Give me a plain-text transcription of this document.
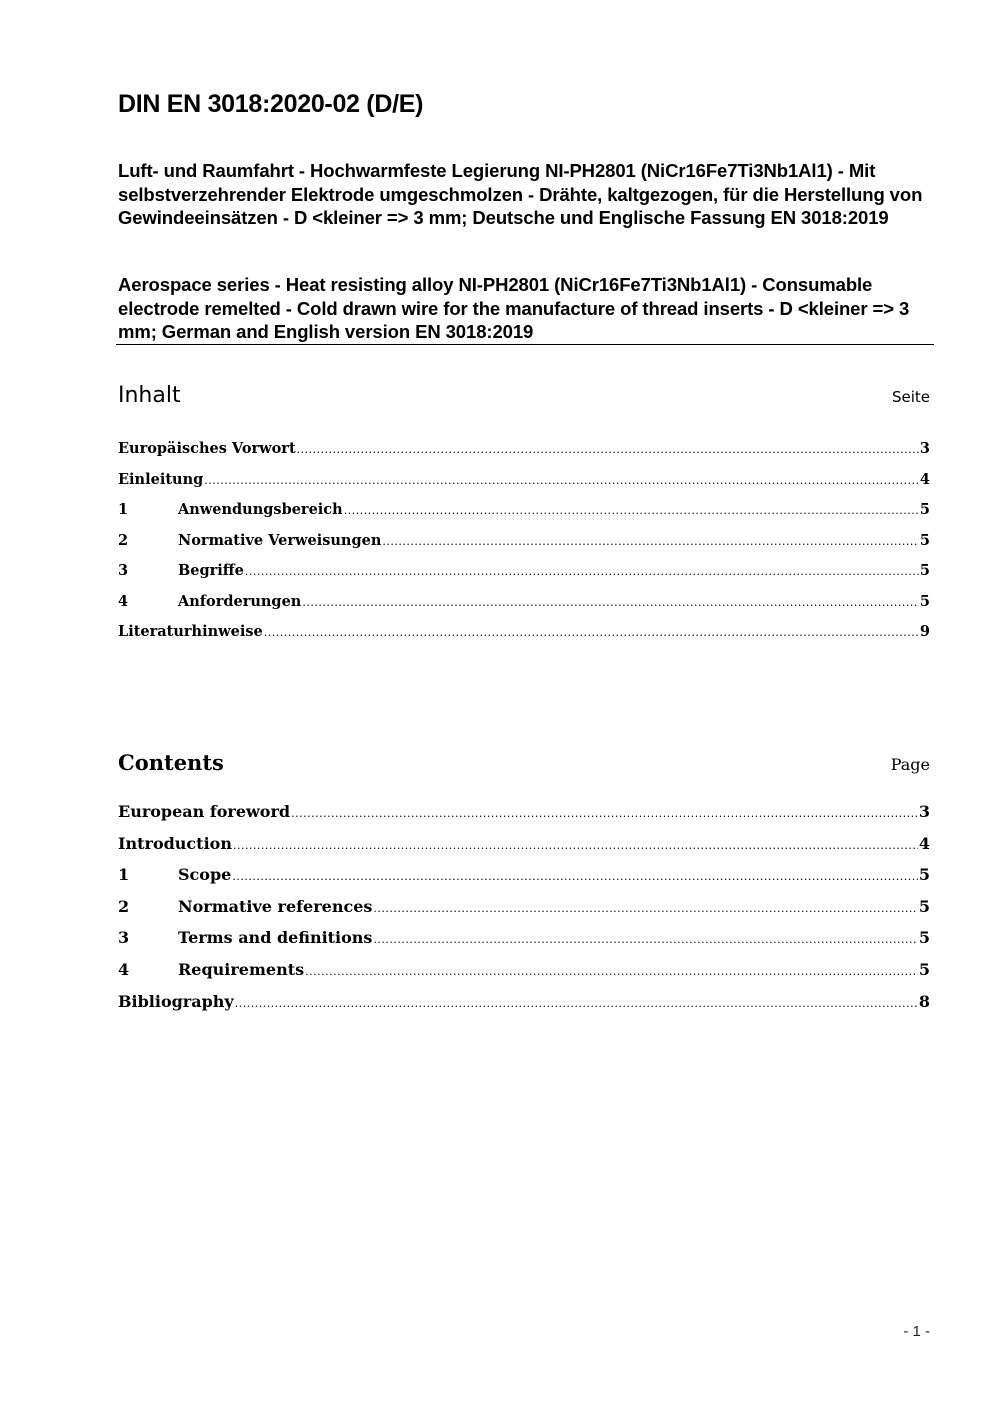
DIN EN 3018:2020-02 (D/E)
Luft- und Raumfahrt - Hochwarmfeste Legierung NI-PH2801 (NiCr16Fe7Ti3Nb1Al1) - Mit selbstverzehrender Elektrode umgeschmolzen - Drähte, kaltgezogen, für die Herstellung von Gewindeeinsätzen - D <kleiner => 3 mm; Deutsche und Englische Fassung EN 3018:2019
Aerospace series - Heat resisting alloy NI-PH2801 (NiCr16Fe7Ti3Nb1Al1) - Consumable electrode remelted - Cold drawn wire for the manufacture of thread inserts - D <kleiner => 3 mm; German and English version EN 3018:2019
Inhalt	Seite
Europäisches Vorwort .....	3
Einleitung .....	4
1	Anwendungsbereich .....	5
2	Normative Verweisungen .....	5
3	Begriffe .....	5
4	Anforderungen .....	5
Literaturhinweise .....	9
Contents	Page
European foreword .....	3
Introduction .....	4
1	Scope .....	5
2	Normative references .....	5
3	Terms and definitions .....	5
4	Requirements .....	5
Bibliography .....	8
- 1 -
